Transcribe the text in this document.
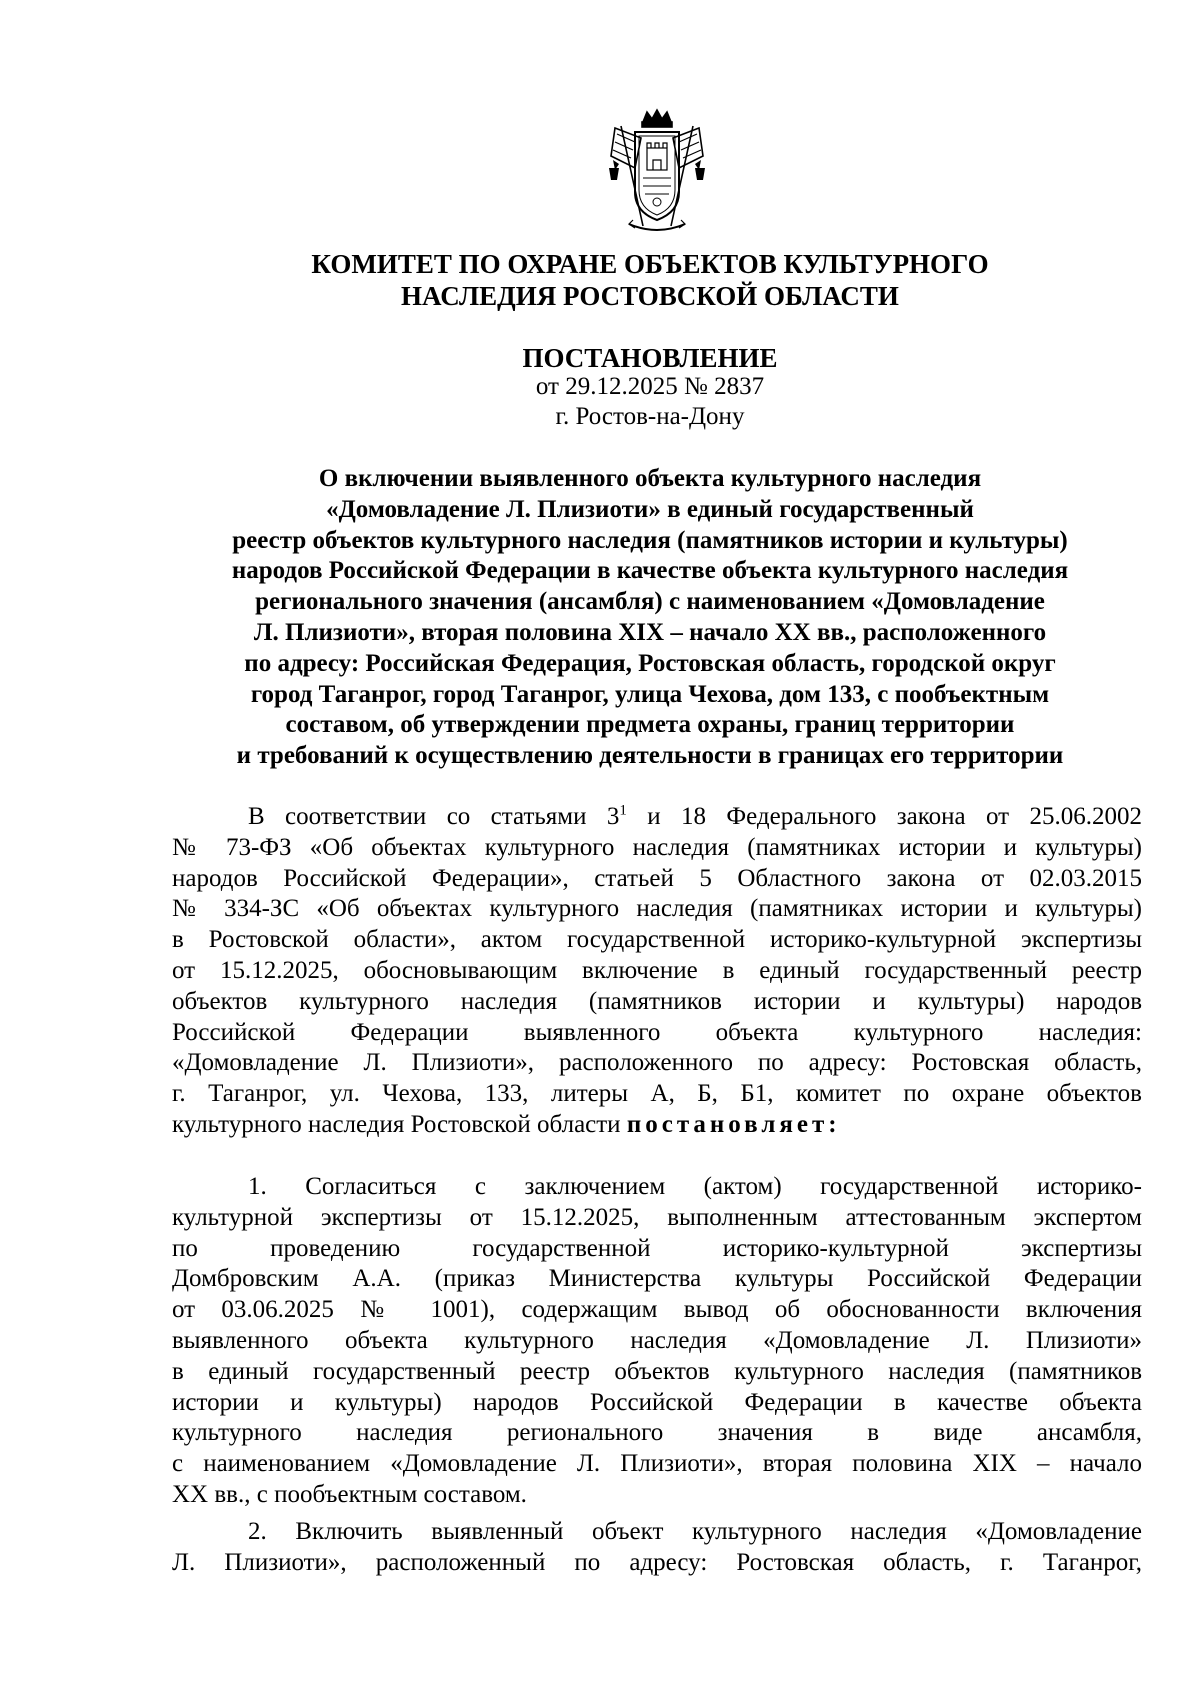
КОМИТЕТ ПО ОХРАНЕ ОБЪЕКТОВ КУЛЬТУРНОГО
НАСЛЕДИЯ РОСТОВСКОЙ ОБЛАСТИ
ПОСТАНОВЛЕНИЕ
от 29.12.2025 № 2837
г. Ростов-на-Дону
О включении выявленного объекта культурного наследия
«Домовладение Л. Плизиоти» в единый государственный
реестр объектов культурного наследия (памятников истории и культуры)
народов Российской Федерации в качестве объекта культурного наследия
регионального значения (ансамбля) с наименованием «Домовладение
Л. Плизиоти», вторая половина XIX – начало XX вв., расположенного
по адресу: Российская Федерация, Ростовская область, городской округ
город Таганрог, город Таганрог, улица Чехова, дом 133, с пообъектным
составом, об утверждении предмета охраны, границ территории
и требований к осуществлению деятельности в границах его территории
В соответствии со статьями $3^1$ и 18 Федерального закона от 25.06.2002
№ 73-ФЗ «Об объектах культурного наследия (памятниках истории и культуры)
народов Российской Федерации», статьей 5 Областного закона от 02.03.2015
№ 334-ЗС «Об объектах культурного наследия (памятниках истории и культуры)
в Ростовской области», актом государственной историко-культурной экспертизы
от 15.12.2025, обосновывающим включение в единый государственный реестр
объектов культурного наследия (памятников истории и культуры) народов
Российской Федерации выявленного объекта культурного наследия:
«Домовладение Л. Плизиоти», расположенного по адресу: Ростовская область,
г. Таганрог, ул. Чехова, 133, литеры А, Б, Б1, комитет по охране объектов
культурного наследия Ростовской области постановляет:
1. Согласиться с заключением (актом) государственной историко-
культурной экспертизы от 15.12.2025, выполненным аттестованным экспертом
по проведению государственной историко-культурной экспертизы
Домбровским А.А. (приказ Министерства культуры Российской Федерации
от 03.06.2025 № 1001), содержащим вывод об обоснованности включения
выявленного объекта культурного наследия «Домовладение Л. Плизиоти»
в единый государственный реестр объектов культурного наследия (памятников
истории и культуры) народов Российской Федерации в качестве объекта
культурного наследия регионального значения в виде ансамбля,
с наименованием «Домовладение Л. Плизиоти», вторая половина XIX – начало
XX вв., с пообъектным составом.
2. Включить выявленный объект культурного наследия «Домовладение
Л. Плизиоти», расположенный по адресу: Ростовская область, г. Таганрог,
